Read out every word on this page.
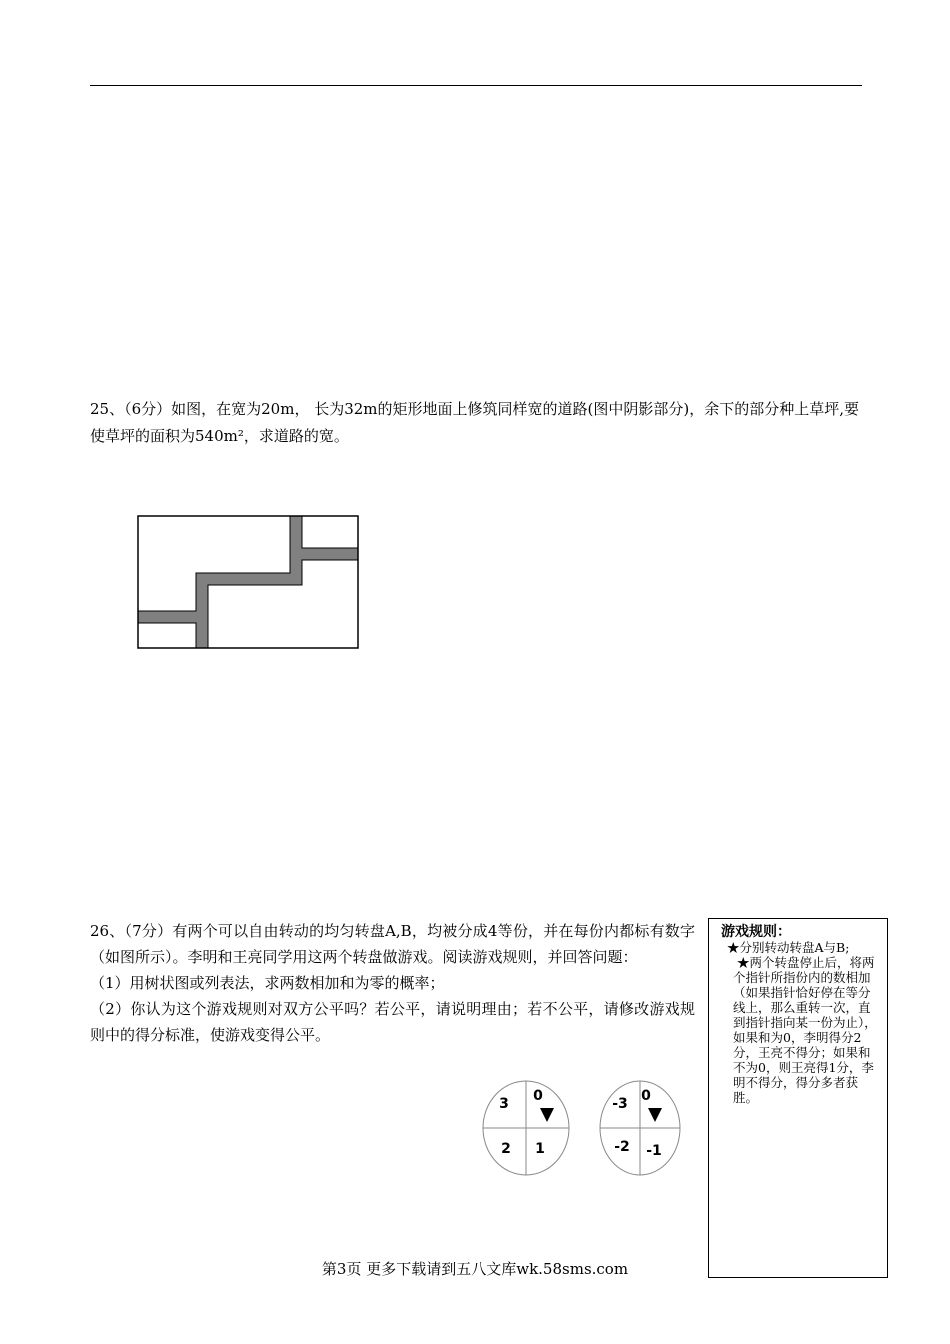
25、（6分）如图，在宽为20m， 长为32m的矩形地面上修筑同样宽的道路(图中阴影部分)，余下的部分种上草坪,要使草坪的面积为540m²，求道路的宽。

26、（7分）有两个可以自由转动的均匀转盘A,B，均被分成4等份，并在每份内都标有数字（如图所示）。李明和王亮同学用这两个转盘做游戏。阅读游戏规则，并回答问题：

（1）用树状图或列表法，求两数相加和为零的概率；

（2）你认为这个游戏规则对双方公平吗？若公平，请说明理由；若不公平，请修改游戏规则中的得分标准，使游戏变得公平。

3 0
2 1
-3 0
-2 -1
游戏规则：

★分别转动转盘A与B;

★两个转盘停止后，将两个指针所指份内的数相加（如果指针恰好停在等分线上，那么重转一次，直到指针指向某一份为止），如果和为0，李明得分2分，王亮不得分；如果和不为0，则王亮得1分，李明不得分，得分多者获胜。

第3页 更多下载请到五八文库wk.58sms.com
